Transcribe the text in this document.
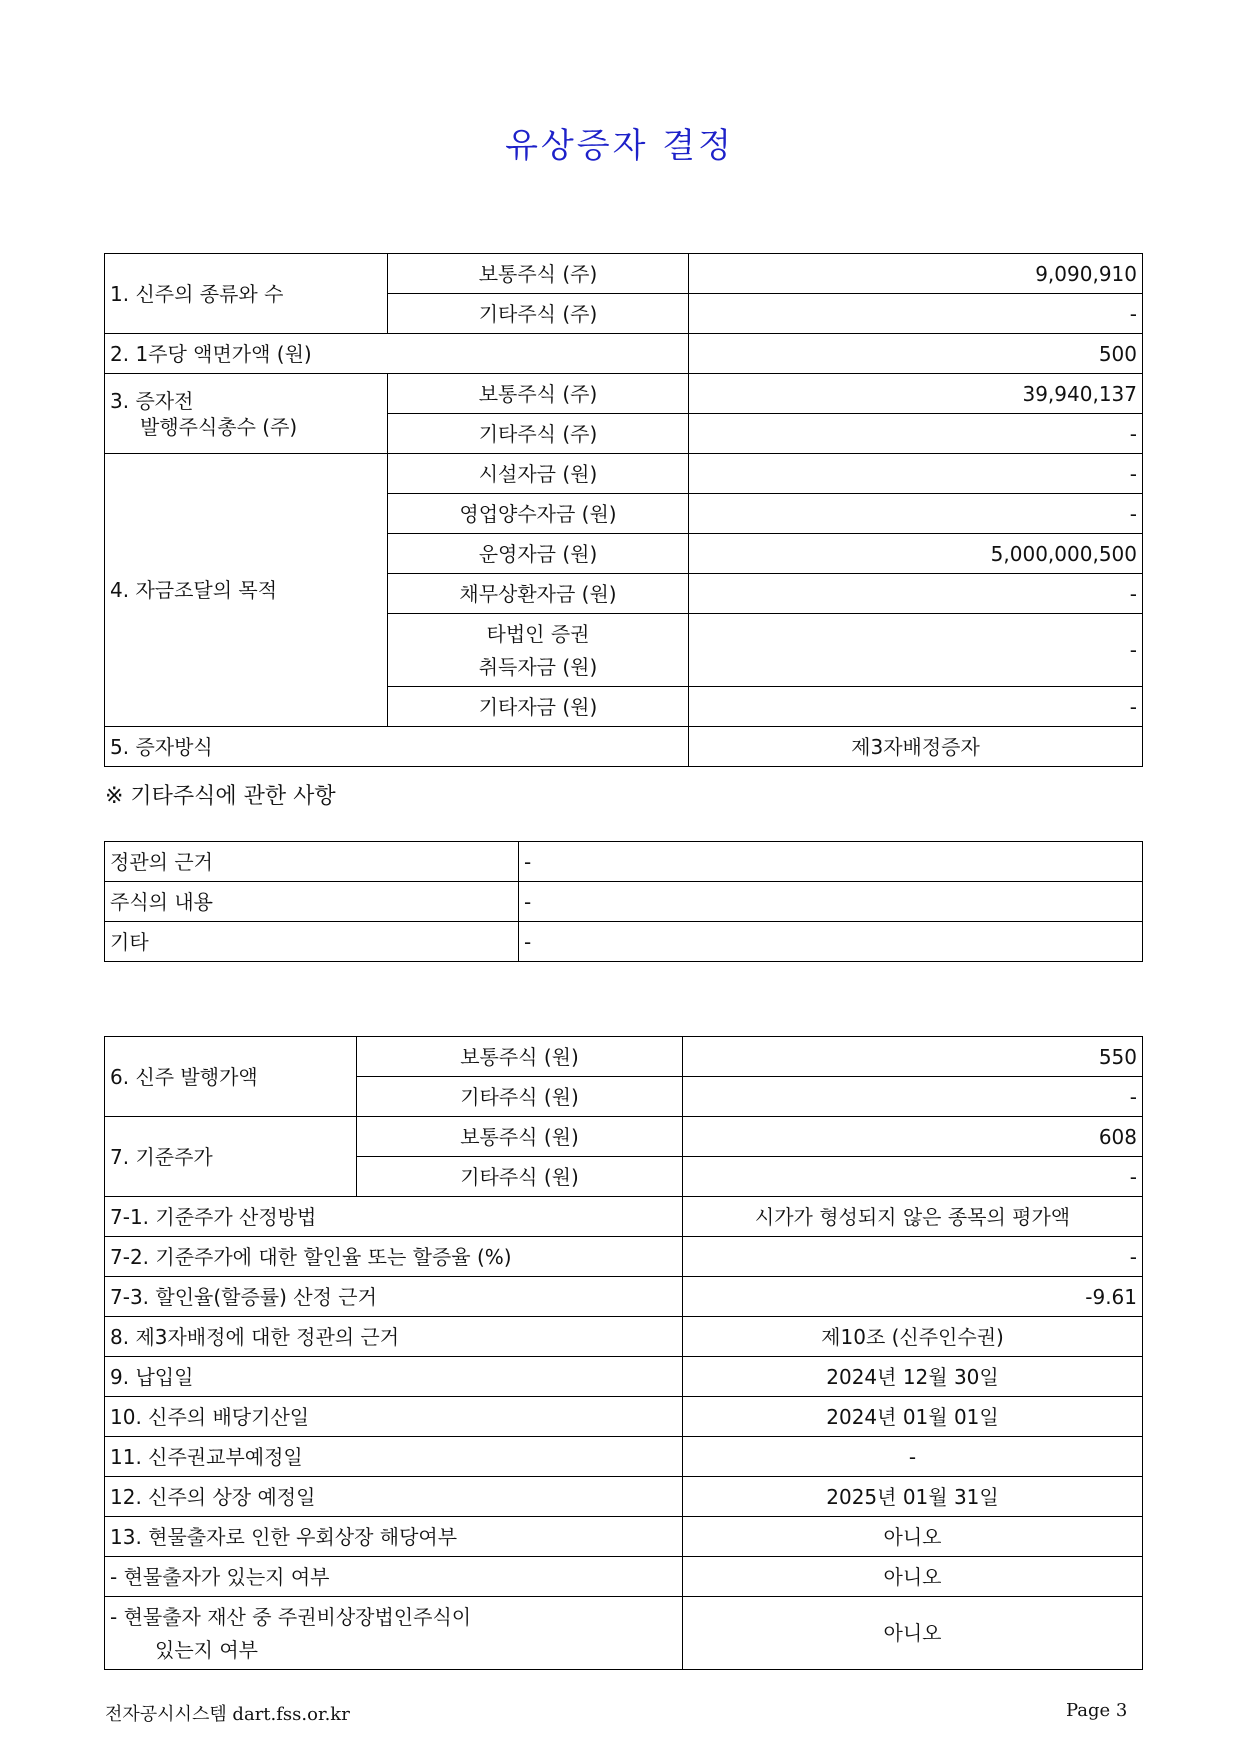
유상증자 결정
1. 신주의 종류와 수	보통주식 (주)	9,090,910
	기타주식 (주)	-
2. 1주당 액면가액 (원)		500
3. 증자전
발행주식총수 (주)	보통주식 (주)	39,940,137
	기타주식 (주)	-
4. 자금조달의 목적	시설자금 (원)	-
	영업양수자금 (원)	-
	운영자금 (원)	5,000,000,500
	채무상환자금 (원)	-

	타법인 증권
취득자금 (원)	-
	기타자금 (원)	-
5. 증자방식		제3자배정증자
※ 기타주식에 관한 사항
정관의 근거	-
주식의 내용	-
기타	-
6. 신주 발행가액	보통주식 (원)	550
	기타주식 (원)	-
7. 기준주가	보통주식 (원)	608
	기타주식 (원)	-
7-1. 기준주가 산정방법		시가가 형성되지 않은 종목의 평가액
7-2. 기준주가에 대한 할인율 또는 할증율 (%)		-
7-3. 할인율(할증률) 산정 근거		-9.61
8. 제3자배정에 대한 정관의 근거		제10조 (신주인수권)
9. 납입일		2024년 12월 30일
10. 신주의 배당기산일		2024년 01월 01일
11. 신주권교부예정일		-
12. 신주의 상장 예정일		2025년 01월 31일
13. 현물출자로 인한 우회상장 해당여부		아니오
- 현물출자가 있는지 여부		아니오

- 현물출자 재산 중 주권비상장법인주식이
있는지 여부		아니오
전자공시시스템 dart.fss.or.kr	Page 3
